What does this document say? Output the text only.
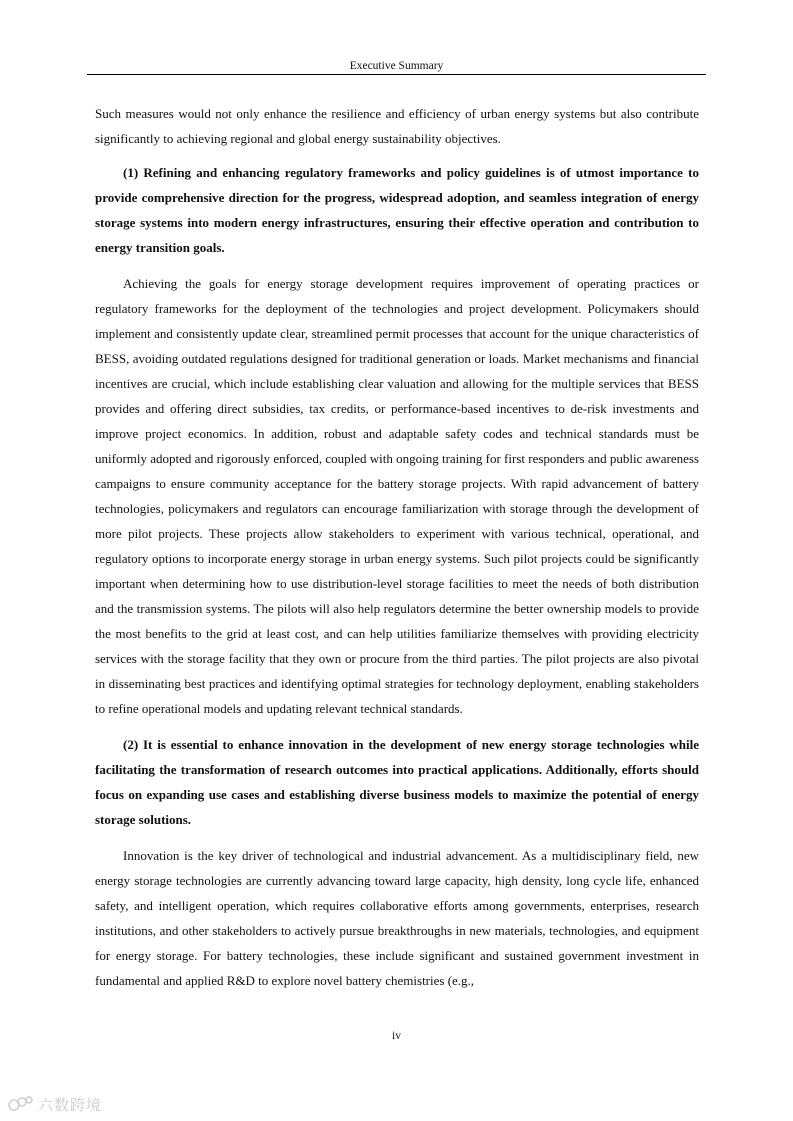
Executive Summary

Such measures would not only enhance the resilience and efficiency of urban energy systems but also contribute significantly to achieving regional and global energy sustainability objectives.

(1) Refining and enhancing regulatory frameworks and policy guidelines is of utmost importance to provide comprehensive direction for the progress, widespread adoption, and seamless integration of energy storage systems into modern energy infrastructures, ensuring their effective operation and contribution to energy transition goals.

Achieving the goals for energy storage development requires improvement of operating practices or regulatory frameworks for the deployment of the technologies and project development. Policymakers should implement and consistently update clear, streamlined permit processes that account for the unique characteristics of BESS, avoiding outdated regulations designed for traditional generation or loads. Market mechanisms and financial incentives are crucial, which include establishing clear valuation and allowing for the multiple services that BESS provides and offering direct subsidies, tax credits, or performance-based incentives to de-risk investments and improve project economics. In addition, robust and adaptable safety codes and technical standards must be uniformly adopted and rigorously enforced, coupled with ongoing training for first responders and public awareness campaigns to ensure community acceptance for the battery storage projects. With rapid advancement of battery technologies, policymakers and regulators can encourage familiarization with storage through the development of more pilot projects. These projects allow stakeholders to experiment with various technical, operational, and regulatory options to incorporate energy storage in urban energy systems. Such pilot projects could be significantly important when determining how to use distribution-level storage facilities to meet the needs of both distribution and the transmission systems. The pilots will also help regulators determine the better ownership models to provide the most benefits to the grid at least cost, and can help utilities familiarize themselves with providing electricity services with the storage facility that they own or procure from the third parties. The pilot projects are also pivotal in disseminating best practices and identifying optimal strategies for technology deployment, enabling stakeholders to refine operational models and updating relevant technical standards.

(2) It is essential to enhance innovation in the development of new energy storage technologies while facilitating the transformation of research outcomes into practical applications. Additionally, efforts should focus on expanding use cases and establishing diverse business models to maximize the potential of energy storage solutions.

Innovation is the key driver of technological and industrial advancement. As a multidisciplinary field, new energy storage technologies are currently advancing toward large capacity, high density, long cycle life, enhanced safety, and intelligent operation, which requires collaborative efforts among governments, enterprises, research institutions, and other stakeholders to actively pursue breakthroughs in new materials, technologies, and equipment for energy storage. For battery technologies, these include significant and sustained government investment in fundamental and applied R&D to explore novel battery chemistries (e.g.,

iv
六数跨境
